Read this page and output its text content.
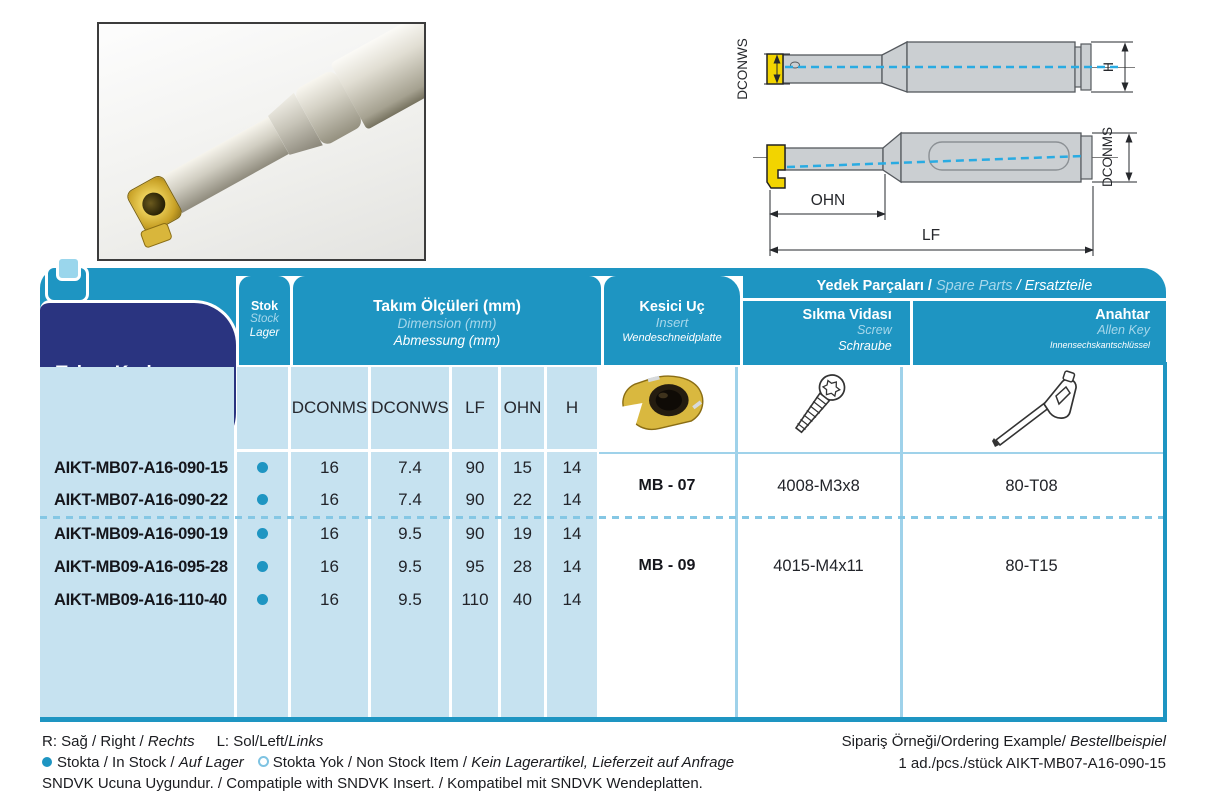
DCONWS	H
DCONMS
OHN
LF
Stok
Stock
Lager
Takım Ölçüleri (mm)
Dimension (mm)
Abmessung (mm)
Kesici Uç
Insert
Wendeschneidplatte
Yedek Parçaları / Spare Parts / Ersatzteile
Sıkma Vidası
Screw
Schraube
Anahtar
Allen Key
Innensechskantschlüssel
DCONMS DCONWS LF	OHN	H
AIKT-MB07-A16-090-15	16	7.4	90	15	14
AIKT-MB07-A16-090-22	16	7.4	90	22	14
AIKT-MB09-A16-090-19	16	9.5	90	19	14
AIKT-MB09-A16-095-28	16	9.5	95	28	14
AIKT-MB09-A16-110-40	16	9.5	110	40	14
MB - 07	4008-M3x8	80-T08
MB - 09	4015-M4x11	80-T15
R: Sağ / Right / Rechts L: Sol/Left/Links
Stokta / In Stock / Auf Lager Stokta Yok / Non Stock Item / Kein Lagerartikel, Lieferzeit auf Anfrage
SNDVK Ucuna Uygundur. / Compatiple with SNDVK Insert. / Kompatibel mit SNDVK Wendeplatten.
Sipariş Örneği/Ordering Example/ Bestellbeispiel
1 ad./pcs./stück AIKT-MB07-A16-090-15
